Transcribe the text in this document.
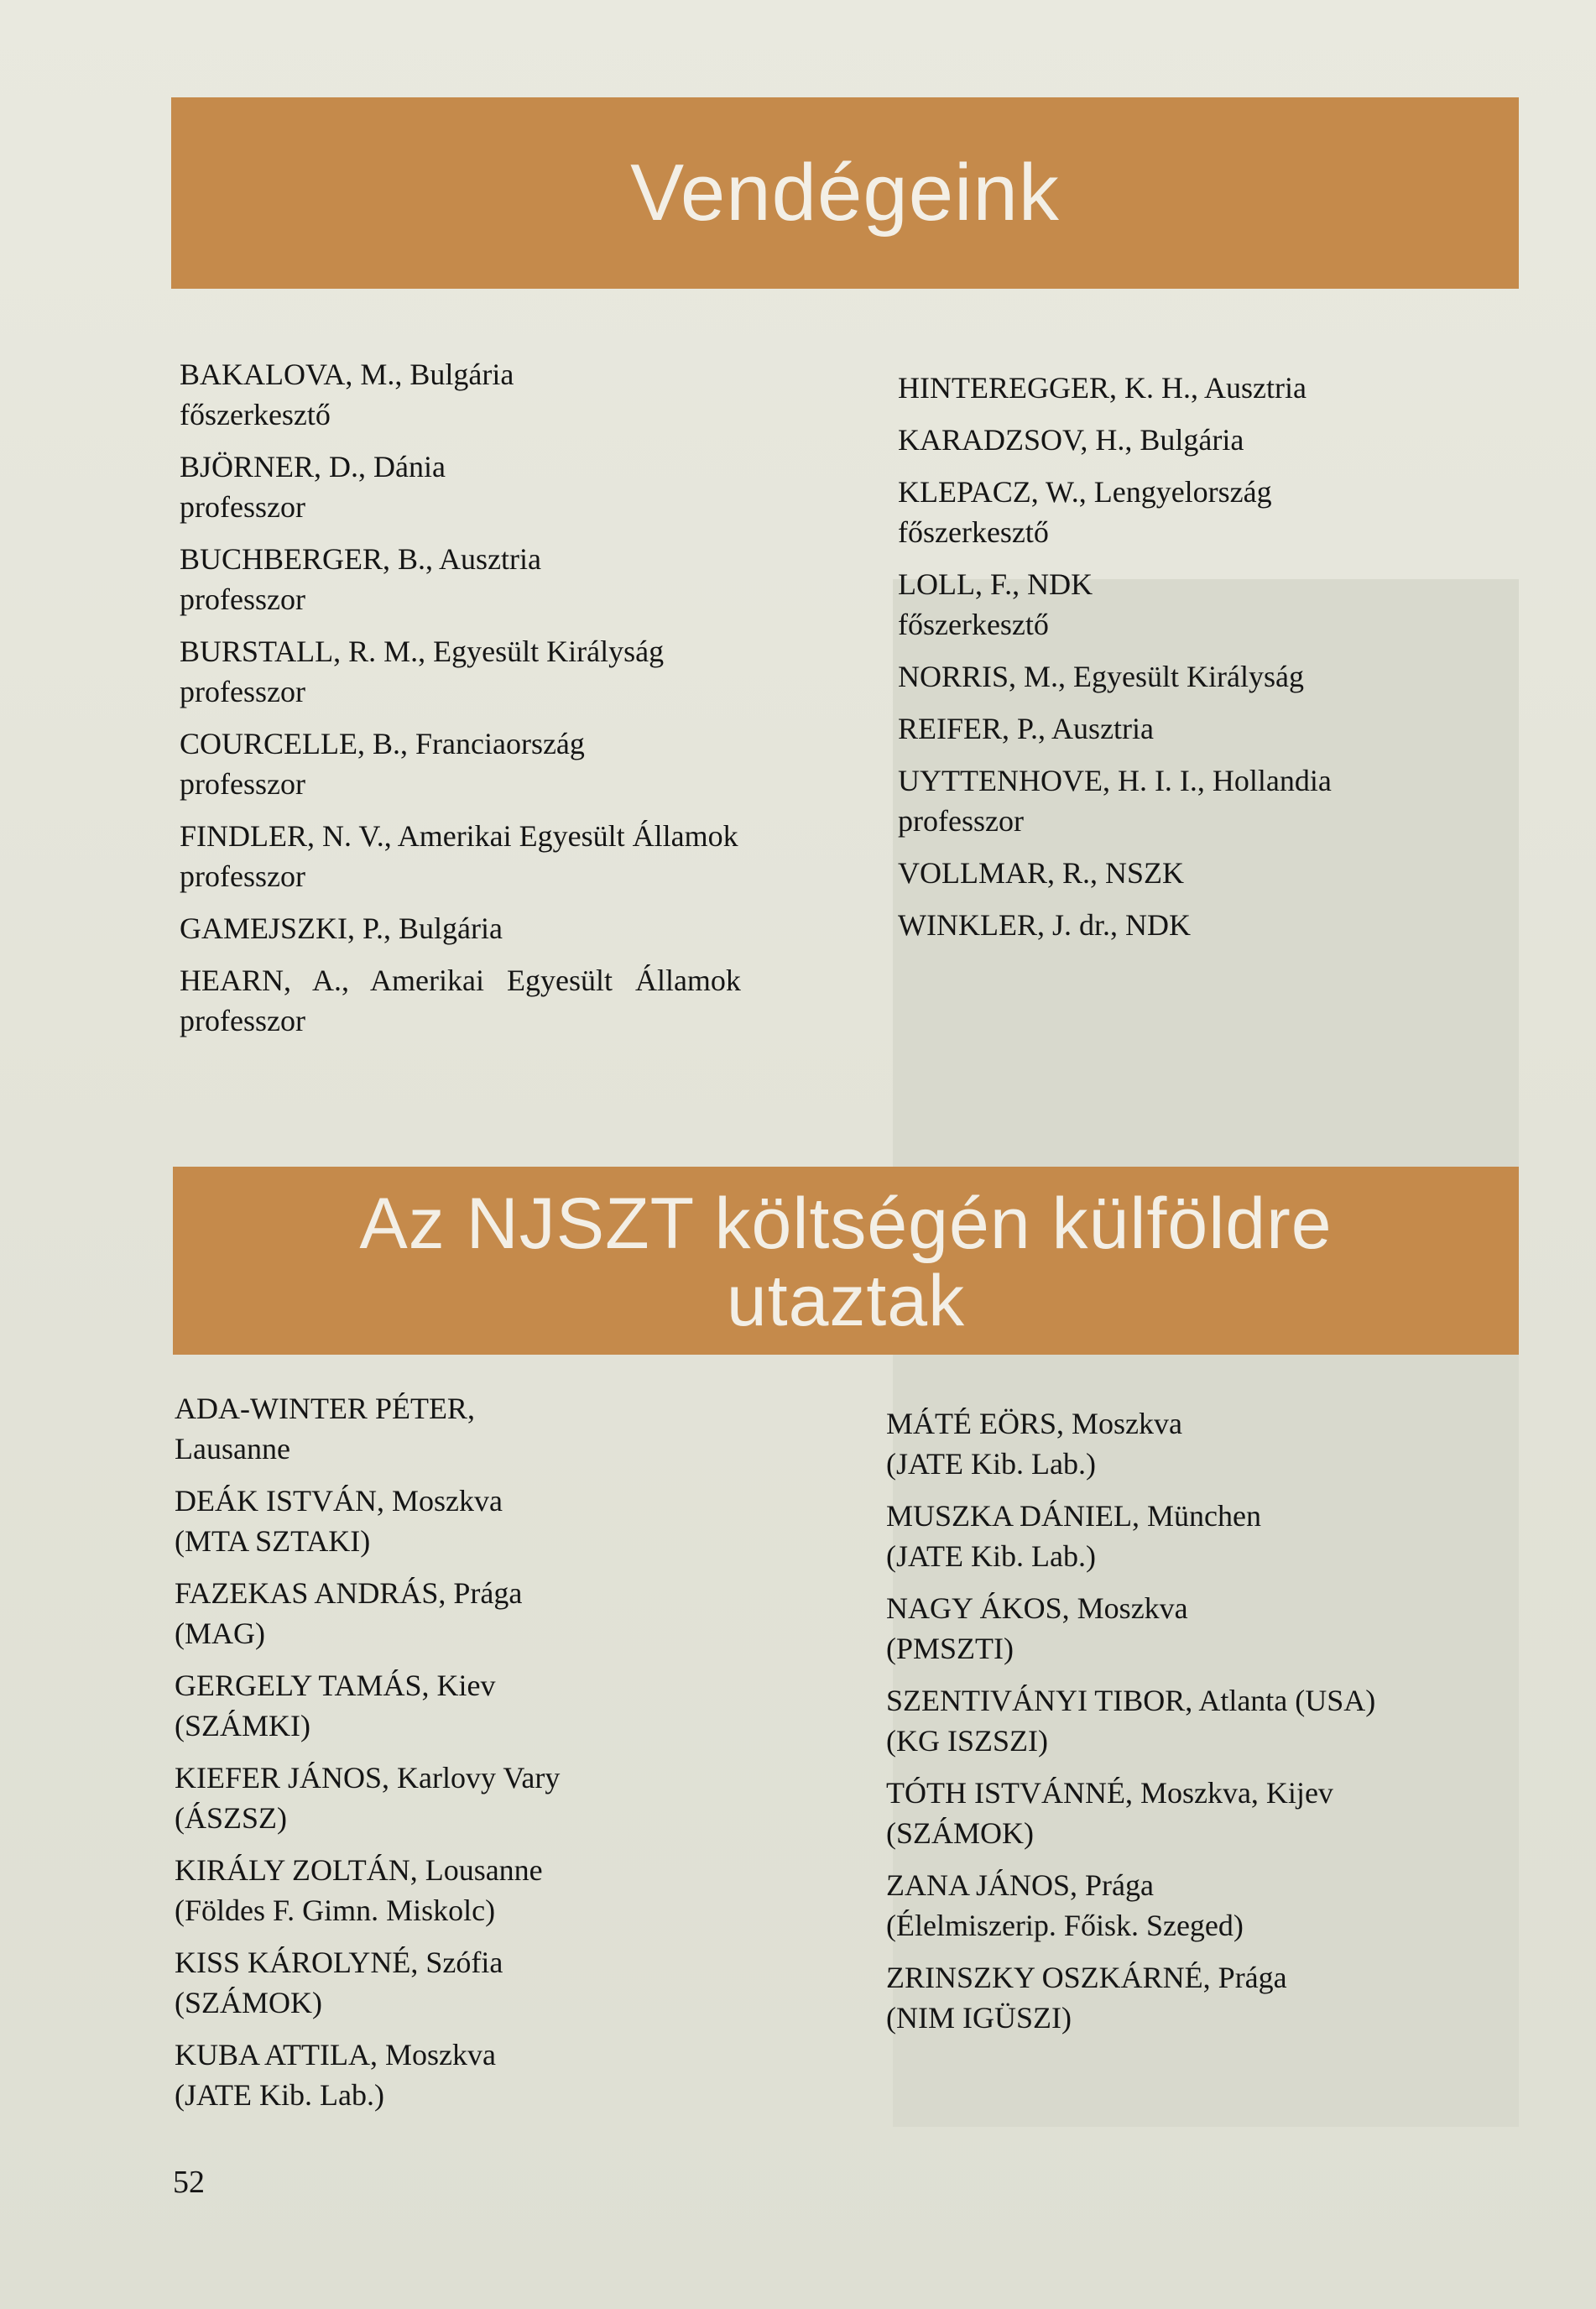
Vendégeink
BAKALOVA, M., Bulgária
főszerkesztő
BJÖRNER, D., Dánia
professzor
BUCHBERGER, B., Ausztria
professzor
BURSTALL, R. M., Egyesült Királyság
professzor
COURCELLE, B., Franciaország
professzor
FINDLER, N. V., Amerikai Egyesült Államok
professzor
GAMEJSZKI, P., Bulgária
HEARN, A., Amerikai Egyesült Államok
professzor
HINTEREGGER, K. H., Ausztria
KARADZSOV, H., Bulgária
KLEPACZ, W., Lengyelország
főszerkesztő
LOLL, F., NDK
főszerkesztő
NORRIS, M., Egyesült Királyság
REIFER, P., Ausztria
UYTTENHOVE, H. I. I., Hollandia
professzor
VOLLMAR, R., NSZK
WINKLER, J. dr., NDK
Az NJSZT költségén külföldre
utaztak
ADA-WINTER PÉTER,
Lausanne
DEÁK ISTVÁN, Moszkva
(MTA SZTAKI)
FAZEKAS ANDRÁS, Prága
(MAG)
GERGELY TAMÁS, Kiev
(SZÁMKI)
KIEFER JÁNOS, Karlovy Vary
(ÁSZSZ)
KIRÁLY ZOLTÁN, Lousanne
(Földes F. Gimn. Miskolc)
KISS KÁROLYNÉ, Szófia
(SZÁMOK)
KUBA ATTILA, Moszkva
(JATE Kib. Lab.)
MÁTÉ EÖRS, Moszkva
(JATE Kib. Lab.)
MUSZKA DÁNIEL, München
(JATE Kib. Lab.)
NAGY ÁKOS, Moszkva
(PMSZTI)
SZENTIVÁNYI TIBOR, Atlanta (USA)
(KG ISZSZI)
TÓTH ISTVÁNNÉ, Moszkva, Kijev
(SZÁMOK)
ZANA JÁNOS, Prága
(Élelmiszerip. Főisk. Szeged)
ZRINSZKY OSZKÁRNÉ, Prága
(NIM IGÜSZI)
52
